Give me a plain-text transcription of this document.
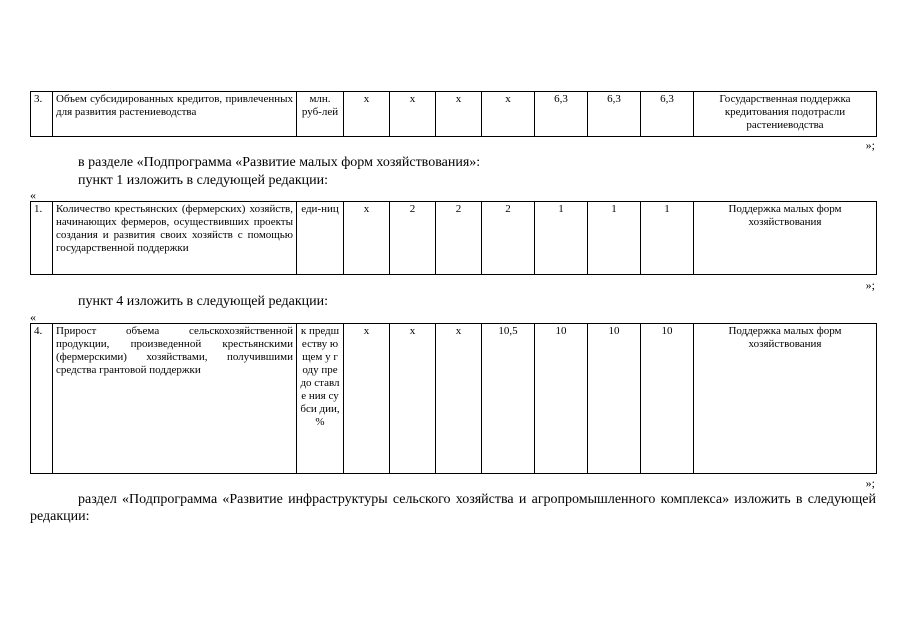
3.	Объем субсидированных кредитов, привлеченных для развития растениеводства	млн. руб-лей	х	х	х	х	6,3	6,3	6,3	Государственная поддержка кредитования подотрасли растениеводства
»;

в разделе «Подпрограмма «Развитие малых форм хозяйствования»:

пункт 1 изложить в следующей редакции:

«
1.	Количество крестьянских (фермерских) хозяйств, начинающих фермеров, осуществивших проекты создания и развития своих хозяйств с помощью государственной поддержки	еди-ниц	х	2	2	2	1	1	1	Поддержка малых форм хозяйствования
»;

пункт 4 изложить в следующей редакции:

«
4.	Прирост объема сельскохозяйственной продукции, произведенной крестьянскими (фермерскими) хозяйствами, получившими средства грантовой поддержки	к предш еству ющем у году предо ставле ния субси дии, %	х	х	х	10,5	10	10	10	Поддержка малых форм хозяйствования
»;

раздел «Подпрограмма «Развитие инфраструктуры сельского хозяйства и агропромышленного комплекса» изложить в следующей редакции:
